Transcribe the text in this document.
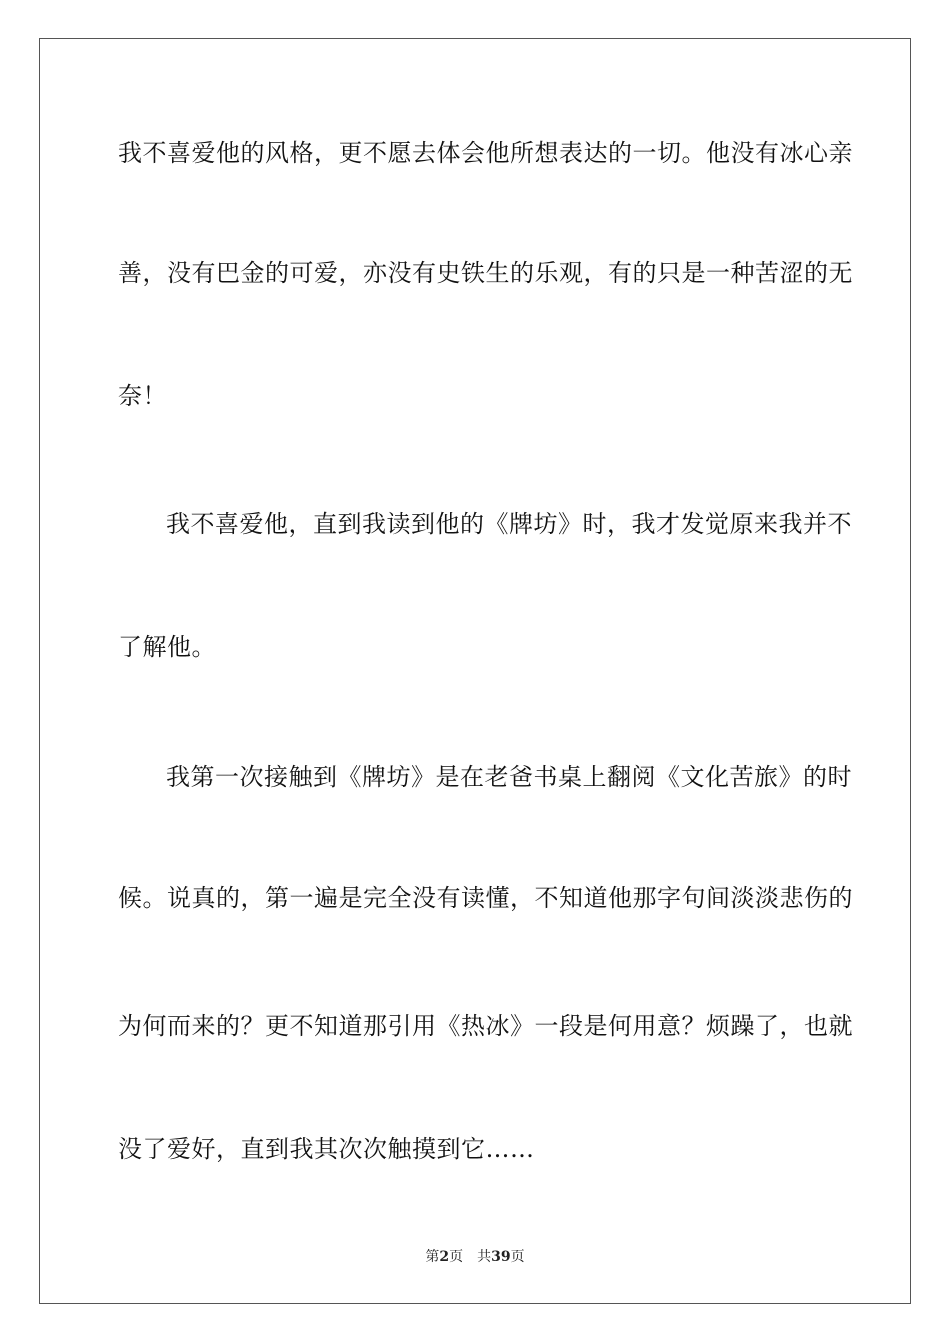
我不喜爱他的风格，更不愿去体会他所想表达的一切。他没有冰心亲
善，没有巴金的可爱，亦没有史铁生的乐观，有的只是一种苦涩的无
奈！
我不喜爱他，直到我读到他的《牌坊》时，我才发觉原来我并不
了解他。
我第一次接触到《牌坊》是在老爸书桌上翻阅《文化苦旅》的时
候。说真的，第一遍是完全没有读懂，不知道他那字句间淡淡悲伤的
为何而来的？更不知道那引用《热冰》一段是何用意？烦躁了，也就
没了爱好，直到我其次次触摸到它……
第2页 共39页
